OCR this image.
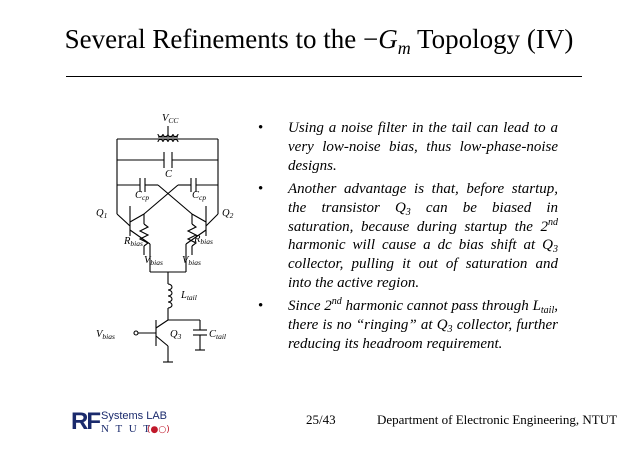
Several Refinements to the $-G_m$ Topology (IV)
VCC
C
Ccp	Ccp
Q1	Q2
Rbias	Rbias
Vbias Vbias
Ltail
Vbias	Q3	Ctail
• Using a noise filter in the tail can lead to a very low-noise bias, thus low-phase-noise designs.
• Another advantage is that, before startup, the transistor $Q_3$ can be biased in saturation, because during startup the 2nd harmonic will cause a dc bias shift at $Q_3$ collector, pulling it out of saturation and into the active region.
• Since 2nd harmonic cannot pass through $L_{tail}$, there is no “ringing” at $Q_3$ collector, further reducing its headroom requirement.
RF Systems LAB
N T U T
(●○)
25/43	Department of Electronic Engineering, NTUT
